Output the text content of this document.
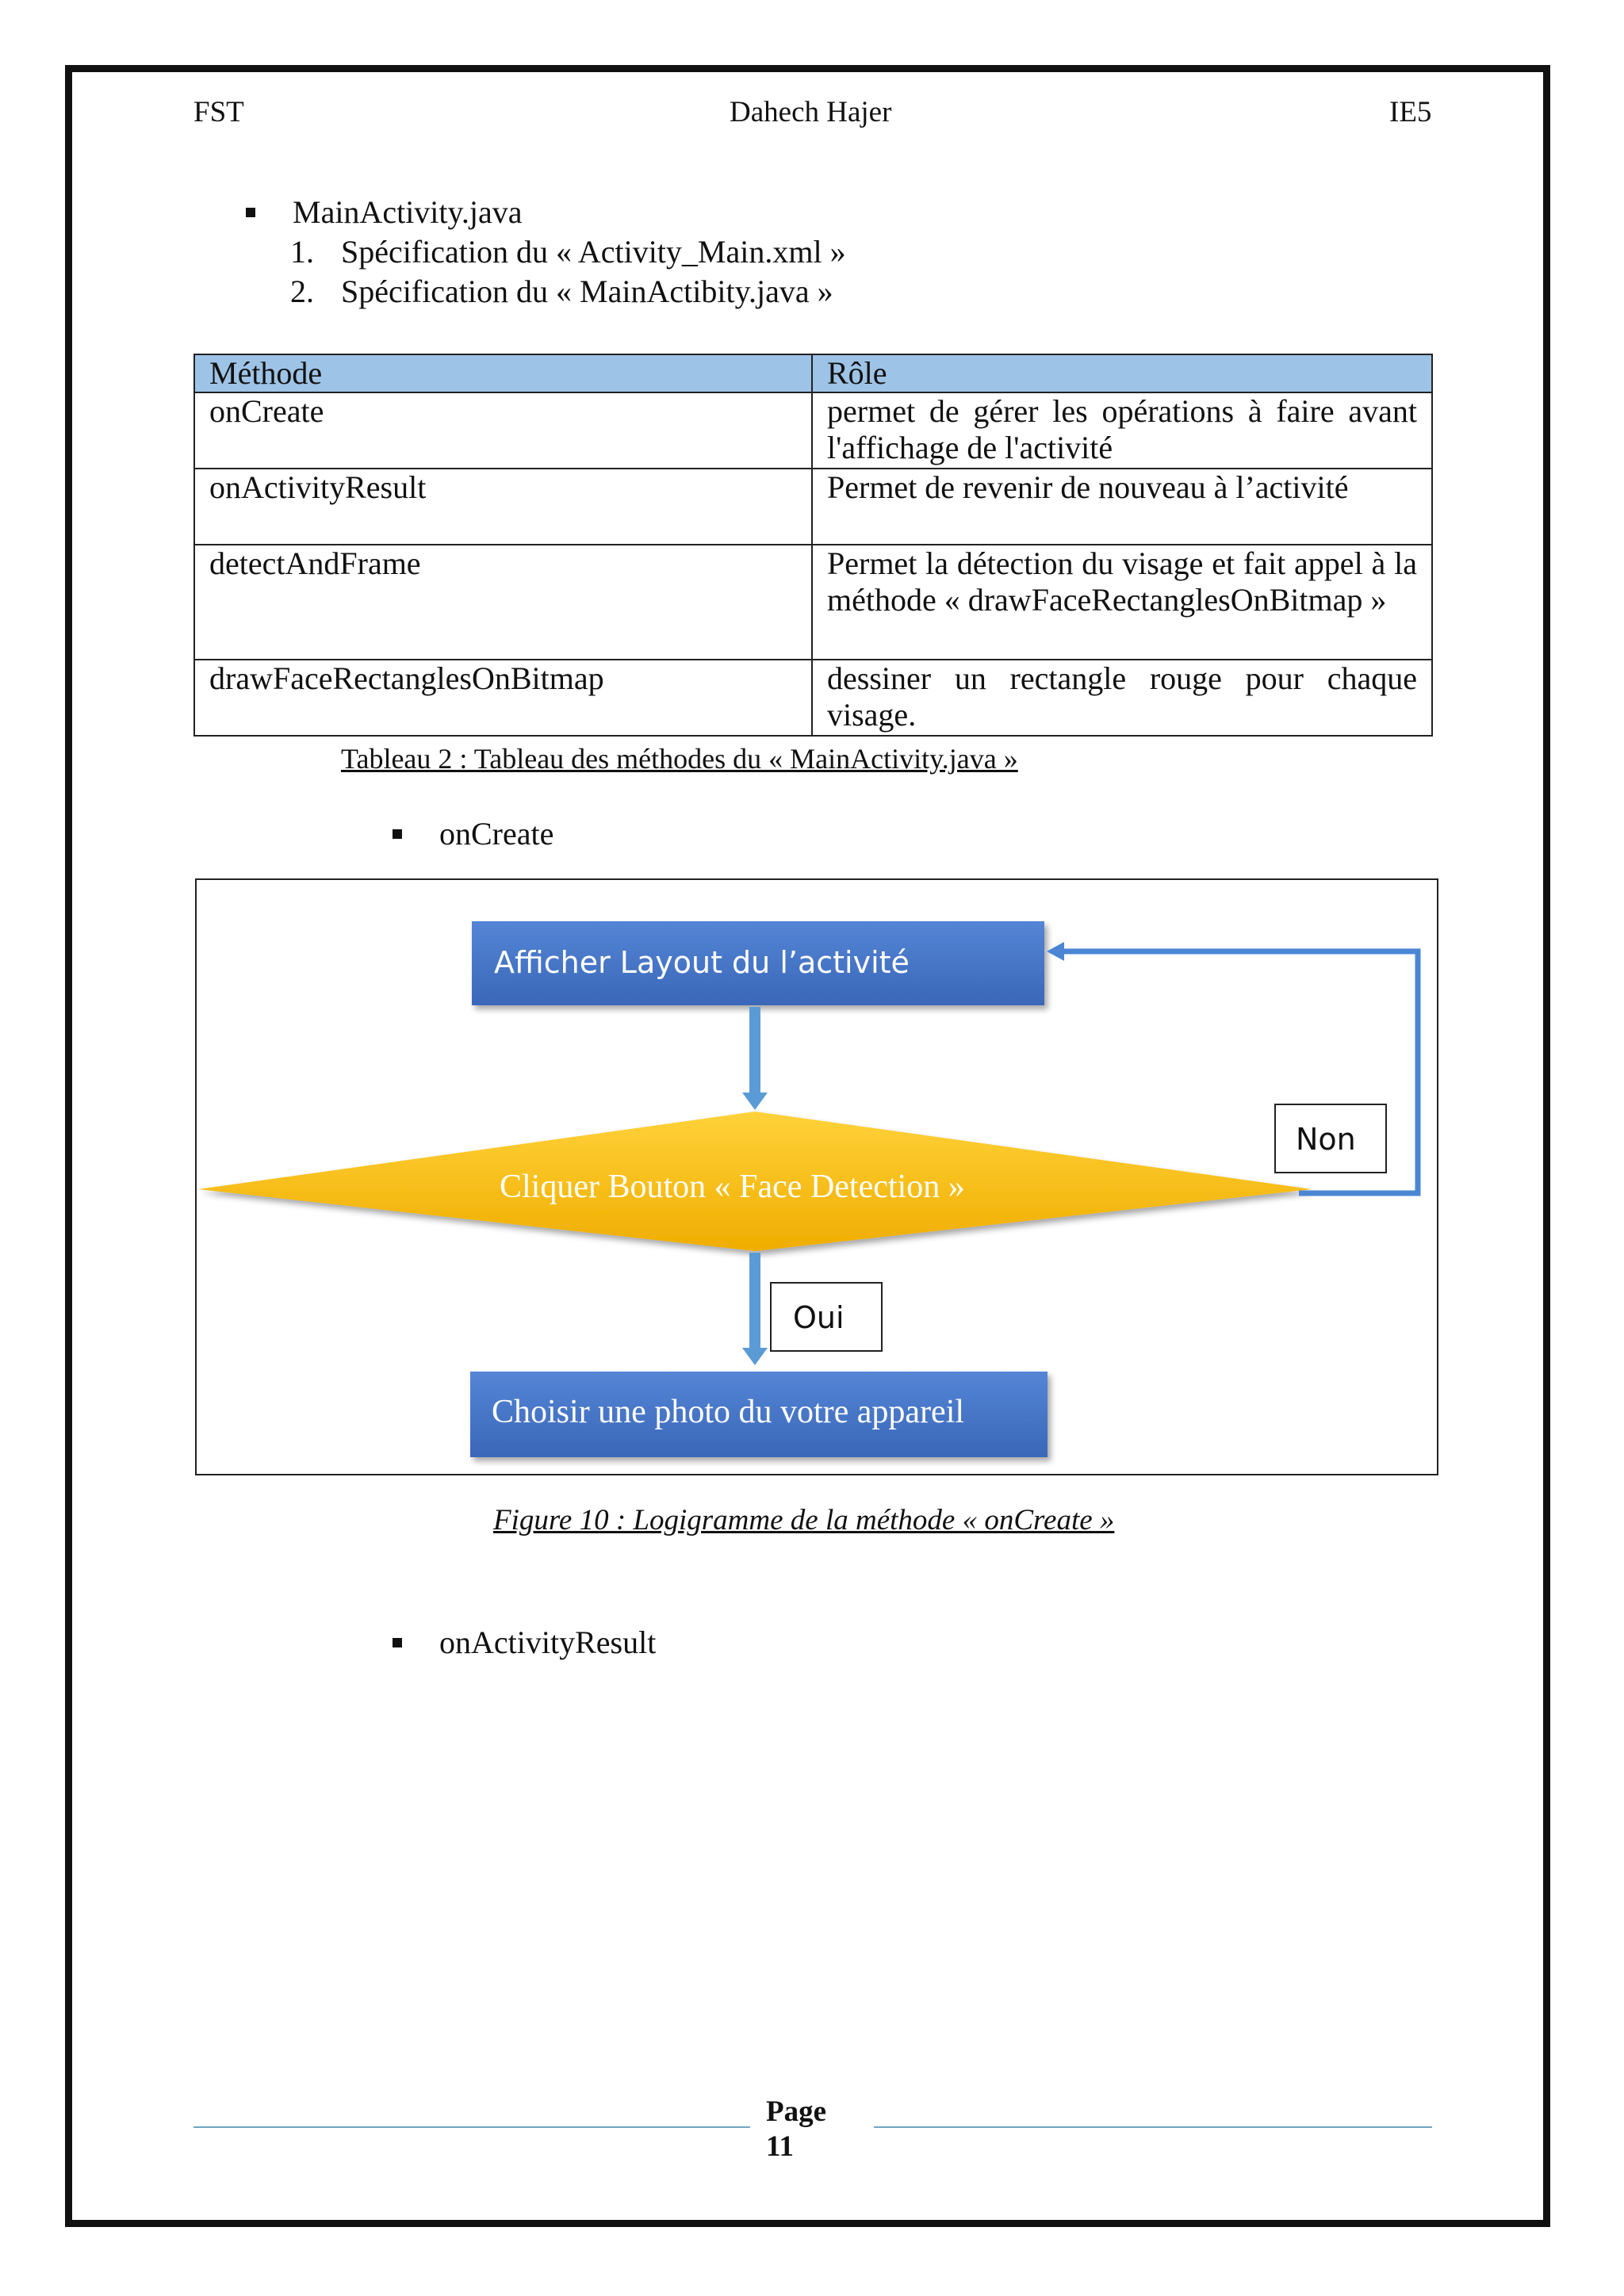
FST	Dahech Hajer	IE5
MainActivity.java
1. Spécification du « Activity_Main.xml »
2. Spécification du « MainActibity.java »
Méthode	Rôle
onCreate	permet de gérer les opérations à faire avant l'affichage de l'activité
onActivityResult	Permet de revenir de nouveau à l’activité
detectAndFrame	Permet la détection du visage et fait appel à la méthode « drawFaceRectanglesOnBitmap »
drawFaceRectanglesOnBitmap	dessiner un rectangle rouge pour chaque visage.
Tableau 2 : Tableau des méthodes du « MainActivity.java »
onCreate
Afficher Layout du l’activité
Cliquer Bouton « Face Detection »
Non
Oui
Choisir une photo du votre appareil
Figure 10 : Logigramme de la méthode « onCreate »
onActivityResult
Page
11
